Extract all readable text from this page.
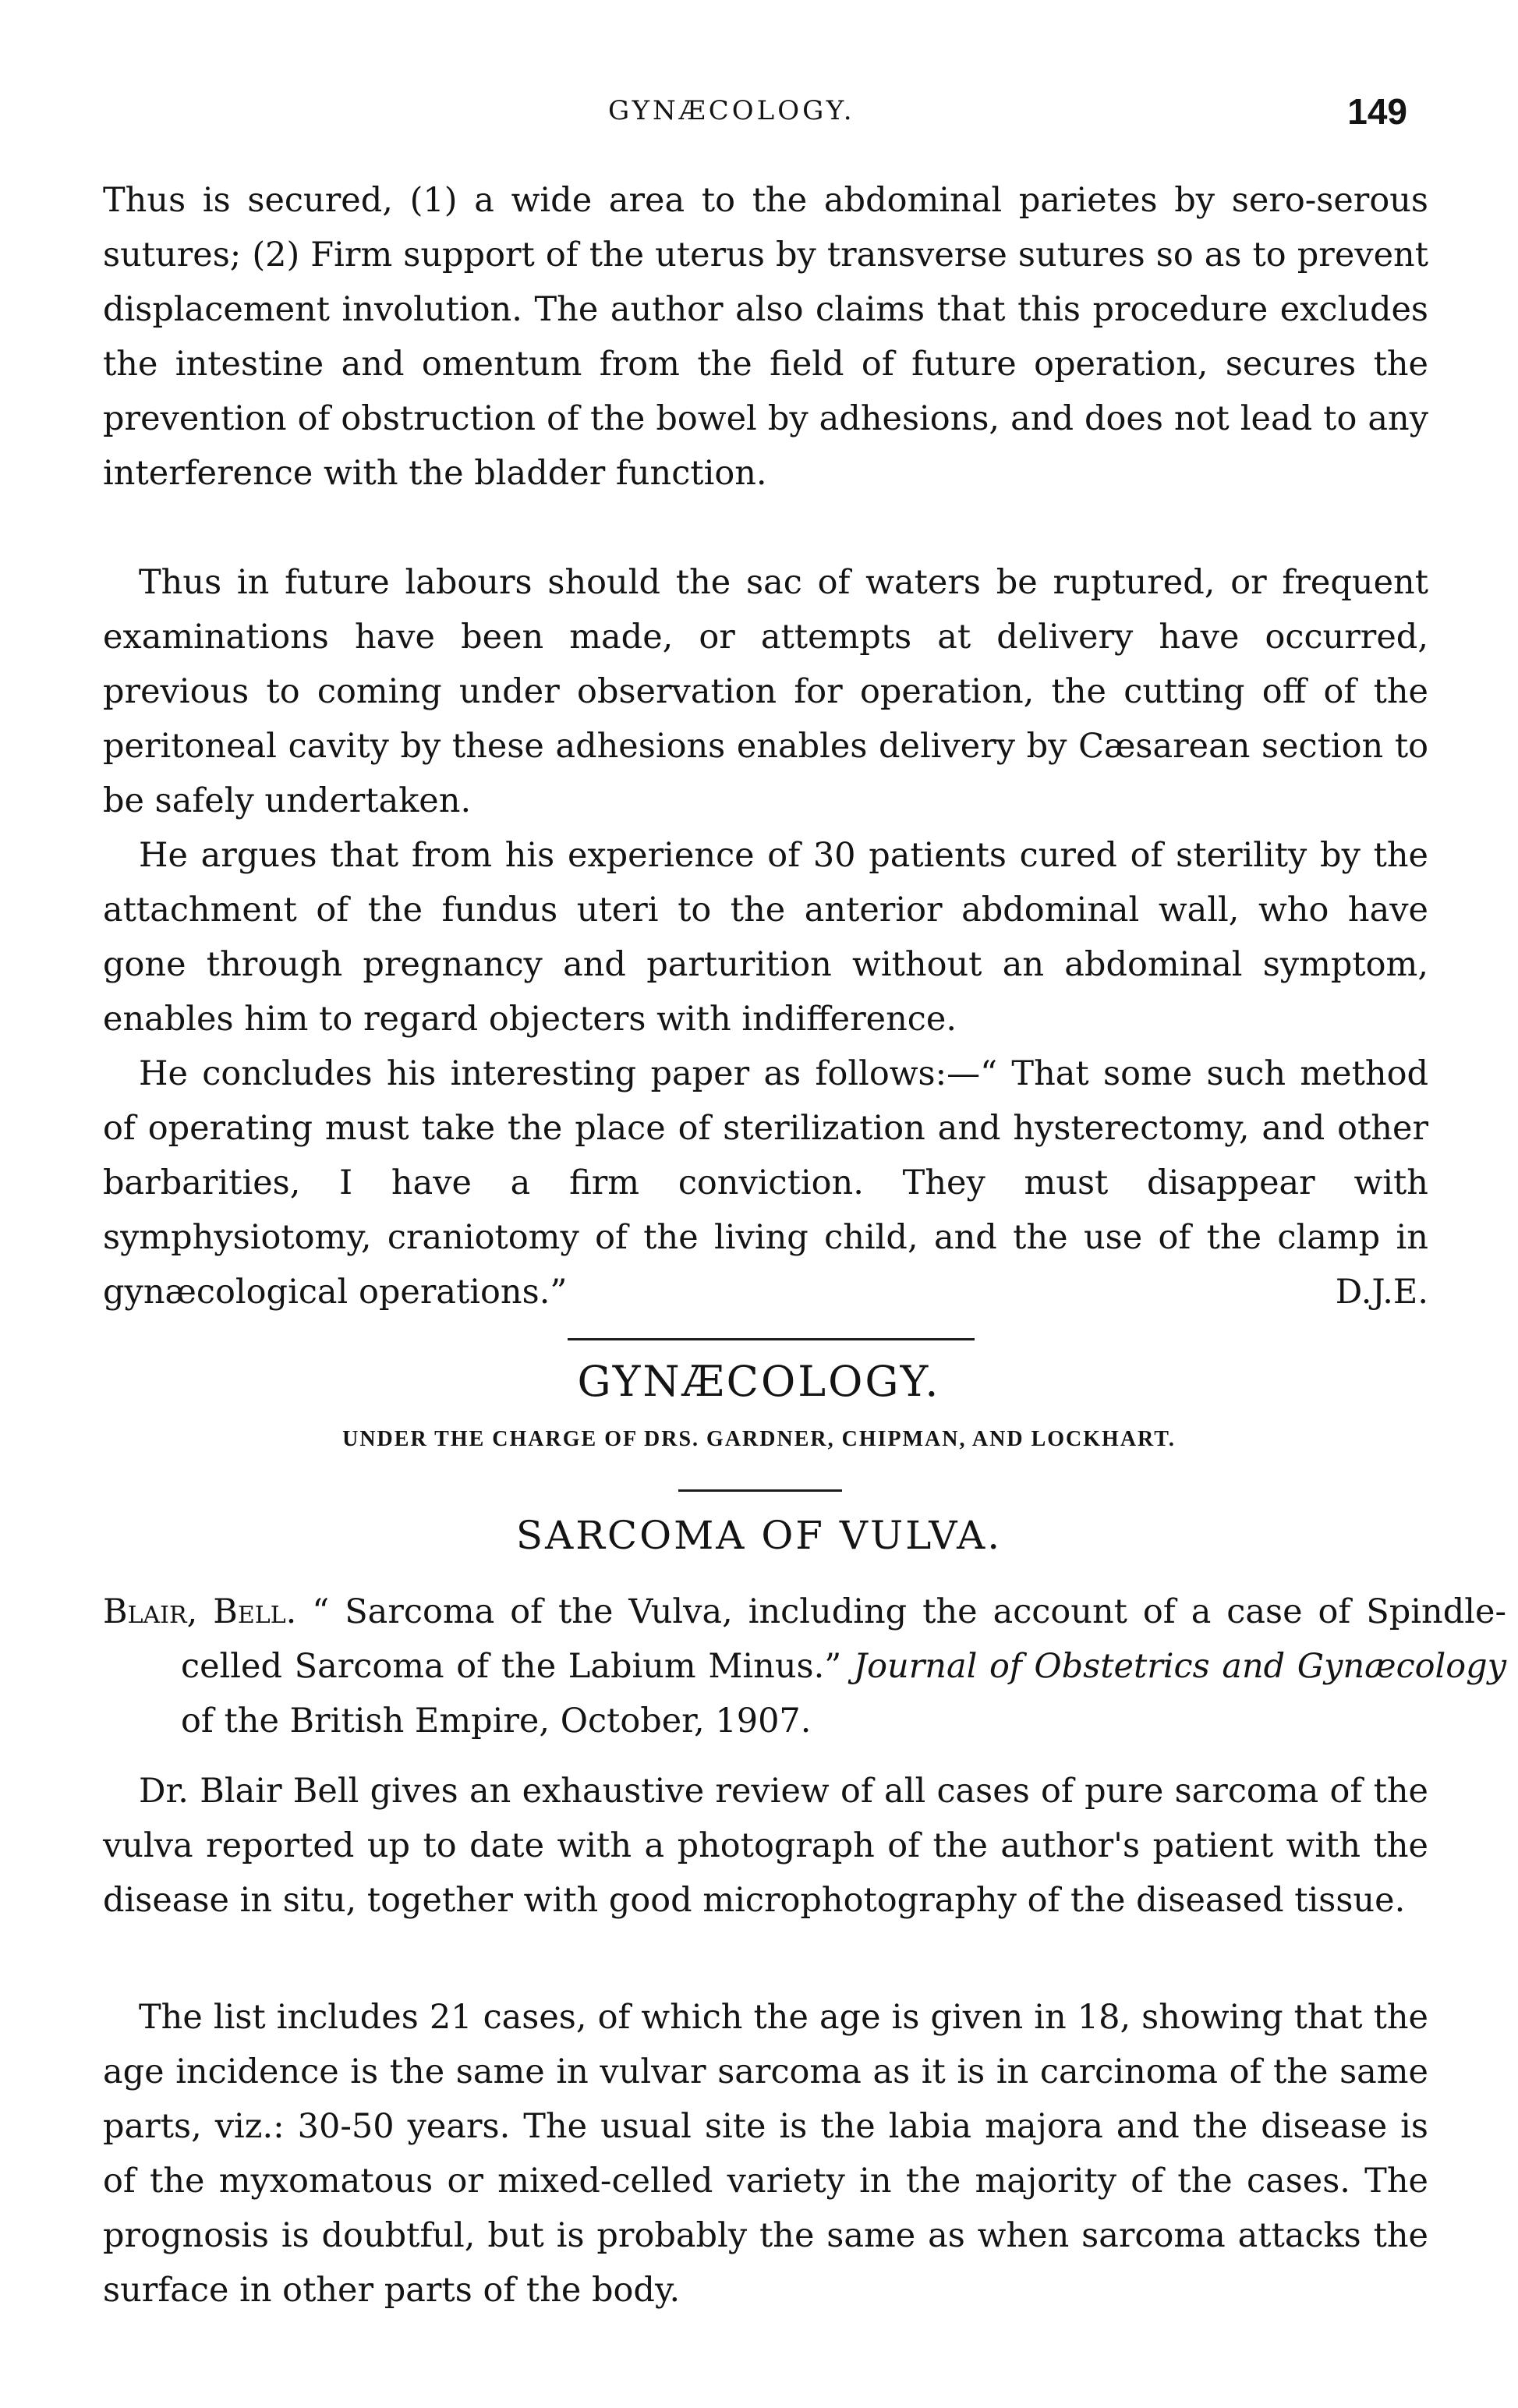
GYNÆCOLOGY.	149

Thus is secured, (1) a wide area to the abdominal parietes by sero-serous sutures; (2) Firm support of the uterus by transverse sutures so as to prevent displacement involution. The author also claims that this procedure excludes the intestine and omentum from the field of future operation, secures the prevention of obstruction of the bowel by adhesions, and does not lead to any interference with the bladder function.

Thus in future labours should the sac of waters be ruptured, or frequent examinations have been made, or attempts at delivery have occurred, previous to coming under observation for operation, the cutting off of the peritoneal cavity by these adhesions enables delivery by Cæsarean section to be safely undertaken.

He argues that from his experience of 30 patients cured of sterility by the attachment of the fundus uteri to the anterior abdominal wall, who have gone through pregnancy and parturition without an abdominal symptom, enables him to regard objecters with indifference.

He concludes his interesting paper as follows:—“ That some such method of operating must take the place of sterilization and hysterectomy, and other barbarities, I have a firm conviction. They must disappear with symphysiotomy, craniotomy of the living child, and the use of the clamp in gynæcological operations.”	D.J.E.

GYNÆCOLOGY.
UNDER THE CHARGE OF DRS. GARDNER, CHIPMAN, AND LOCKHART.
SARCOMA OF VULVA.

Blair, Bell. “ Sarcoma of the Vulva, including the account of a case of Spindle-celled Sarcoma of the Labium Minus.” Journal of Obstetrics and Gynæcology of the British Empire, October, 1907.

Dr. Blair Bell gives an exhaustive review of all cases of pure sarcoma of the vulva reported up to date with a photograph of the author's patient with the disease in situ, together with good microphotography of the diseased tissue.

The list includes 21 cases, of which the age is given in 18, showing that the age incidence is the same in vulvar sarcoma as it is in carcinoma of the same parts, viz.: 30-50 years. The usual site is the labia majora and the disease is of the myxomatous or mixed-celled variety in the majority of the cases. The prognosis is doubtful, but is probably the same as when sarcoma attacks the surface in other parts of the body.
